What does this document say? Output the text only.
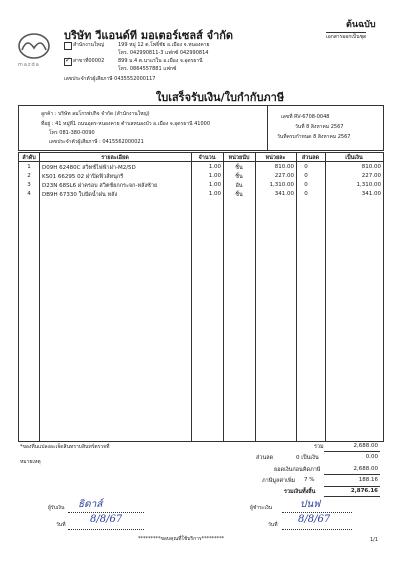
mazda
บริษัท วีแอนด์ที มอเตอร์เซลส์ จำกัด
ต้นฉบับ
เอกสารออกเป็นชุด
สำนักงานใหญ่	199 หมู่ 12 ต.โพธิ์ชัย อ.เมือง จ.หนองคาย
โทร. 042990811-3 แฟกซ์ 042990814
✓ สาขาที่00002	899 ม.4 ต.นาแร่ใน อ.เมือง จ.อุดรธานี
โทร. 0864557881 แฟกซ์
เลขประจำตัวผู้เสียภาษี 0435552000117
ใบเสร็จรับเงิน/ใบกำกับภาษี
ลูกค้า : บริษัท ลมโกรฟปกิจ จำกัด (สำนักงานใหญ่)
ที่อยู่ : 41 หมู่ที่1 ถนนอุดร-หนองคาย ตำบลหนองบัว อ.เมือง จ.อุดรธานี 41000
โทร 081-380-0090
เลขประจำตัวผู้เสียภาษี : 0415562000021
เลขที่ RV-6708-0048
วันที่ 8 สิงหาคม 2567
วันที่ครบกำหนด 8 สิงหาคม 2567
ลำดับ	รายละเอียด	จำนวน	หน่วยนับ	หน่วยละ	ส่วนลด	เป็นเงิน
1	D09H 62480C สวิทช์ไฟฟ้าฝา-M2/5D	1.00	ชิ้น	810.00	0	810.00
2	KS01 66295 02 ฝาปิดฟิวส์หนุกรี	1.00	ชิ้น	227.00	0	227.00
3	D23N 68SL6 ฝาครอบ สวิตช์ยกกระจก-หลังซ้าย	1.00	อัน	1,310.00	0	1,310.00
4	DB9H 67330 ใบปัดน้ำฝน หลัง	1.00	ชิ้น	341.00	0	341.00
*ของที่นแปลงอะเจ็ดสินทราบสินทร์ตรวจที่
หมายเหตุ
รวม	2,688.00
ส่วนลด	0 เป็นเงิน	0.00
ยอดเงินก่อนคิดภาษี	2,688.00
ภาษีมูลค่าเพิ่ม 7 %	188.16
รวมเงินทั้งสิ้น	2,876.16
ผู้รับเงิน ธิดาส์
วันที่ 8/8/67
ผู้ชำระเงิน	ปนฟ
วันที่ 8/8/67
*********ขอบคุณที่ใช้บริการ*********	1/1
